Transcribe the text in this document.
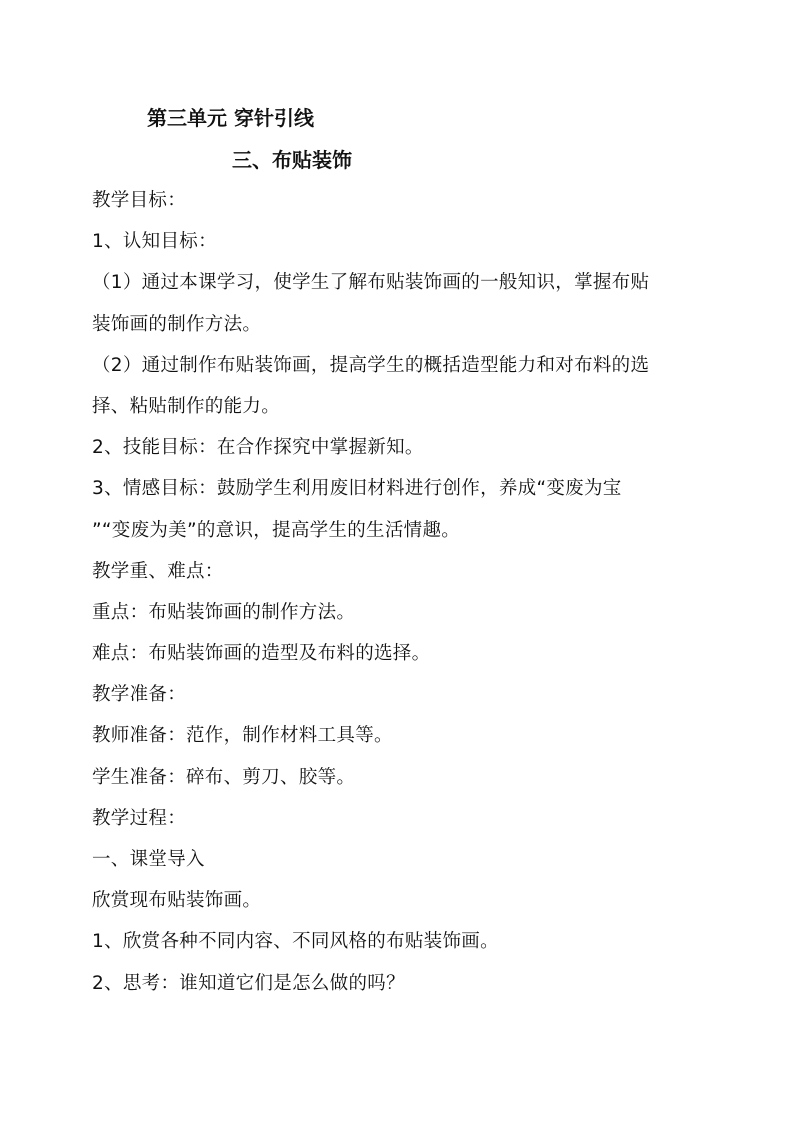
第三单元 穿针引线
三、布贴装饰
教学目标：
1、认知目标：
（1）通过本课学习，使学生了解布贴装饰画的一般知识，掌握布贴
装饰画的制作方法。
（2）通过制作布贴装饰画，提高学生的概括造型能力和对布料的选
择、粘贴制作的能力。
2、技能目标：在合作探究中掌握新知。
3、情感目标：鼓励学生利用废旧材料进行创作，养成“变废为宝
”“变废为美”的意识，提高学生的生活情趣。
教学重、难点：
重点：布贴装饰画的制作方法。
难点：布贴装饰画的造型及布料的选择。
教学准备：
教师准备：范作，制作材料工具等。
学生准备：碎布、剪刀、胶等。
教学过程：
一、课堂导入
欣赏现布贴装饰画。
1、欣赏各种不同内容、不同风格的布贴装饰画。
2、思考：谁知道它们是怎么做的吗？
